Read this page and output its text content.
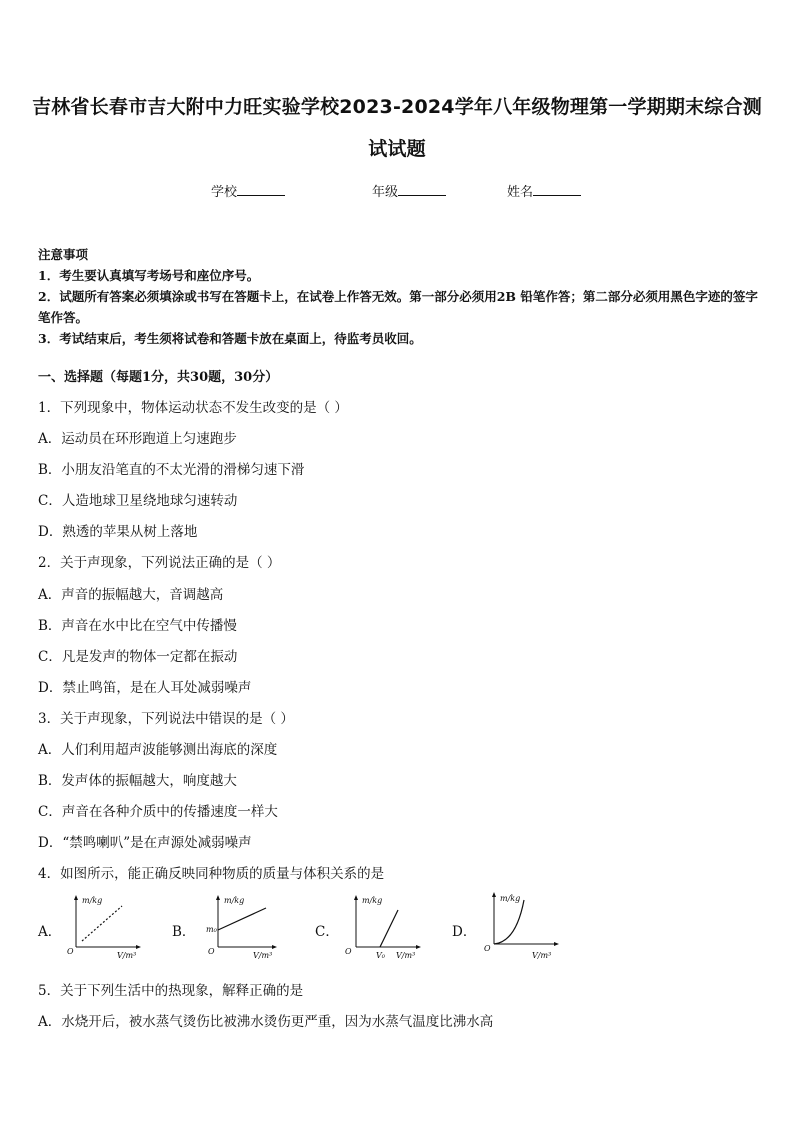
吉林省长春市吉大附中力旺实验学校2023-2024学年八年级物理第一学期期末综合测
试试题
学校	年级	姓名
注意事项
1．考生要认真填写考场号和座位序号。
2．试题所有答案必须填涂或书写在答题卡上，在试卷上作答无效。第一部分必须用2B 铅笔作答；第二部分必须用黑色字迹的签字笔作答。
3．考试结束后，考生须将试卷和答题卡放在桌面上，待监考员收回。
一、选择题（每题1分，共30题，30分）
1．下列现象中，物体运动状态不发生改变的是（ ）
A．运动员在环形跑道上匀速跑步
B．小朋友沿笔直的不太光滑的滑梯匀速下滑
C．人造地球卫星绕地球匀速转动
D．熟透的苹果从树上落地
2．关于声现象，下列说法正确的是（ ）
A．声音的振幅越大，音调越高
B．声音在水中比在空气中传播慢
C．凡是发声的物体一定都在振动
D．禁止鸣笛，是在人耳处减弱噪声
3．关于声现象，下列说法中错误的是（ ）
A．人们利用超声波能够测出海底的深度
B．发声体的振幅越大，响度越大
C．声音在各种介质中的传播速度一样大
D．“禁鸣喇叭”是在声源处减弱噪声
4．如图所示，能正确反映同种物质的质量与体积关系的是
A．
m/kg
V/m³
O
B．
m/kg
V/m³
m₀
O
C．
m/kg
V/m³
V₀
O
D．
m/kg
V/m³
O
5．关于下列生活中的热现象，解释正确的是
A．水烧开后，被水蒸气烫伤比被沸水烫伤更严重，因为水蒸气温度比沸水高
